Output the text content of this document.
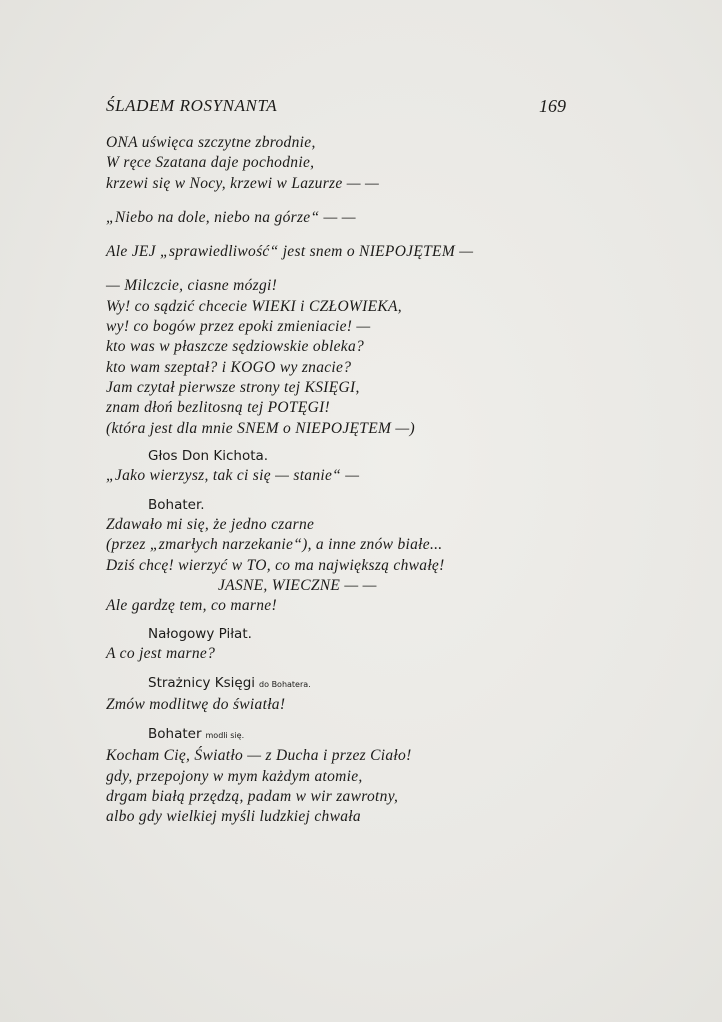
ŚLADEM ROSYNANTA	169
ONA uświęca szczytne zbrodnie,
W ręce Szatana daje pochodnie,
krzewi się w Nocy, krzewi w Lazurze — —
„Niebo na dole, niebo na górze“ — —
Ale JEJ „sprawiedliwość“ jest snem o NIEPOJĘTEM —
— Milczcie, ciasne mózgi!
Wy! co sądzić chcecie WIEKI i CZŁOWIEKA,
wy! co bogów przez epoki zmieniacie! —
kto was w płaszcze sędziowskie obleka?
kto wam szeptał? i KOGO wy znacie?
Jam czytał pierwsze strony tej KSIĘGI,
znam dłoń bezlitosną tej POTĘGI!
(która jest dla mnie SNEM o NIEPOJĘTEM —)
Głos Don Kichota.
„Jako wierzysz, tak ci się — stanie“ —
Bohater.
Zdawało mi się, że jedno czarne
(przez „zmarłych narzekanie“), a inne znów białe...
Dziś chcę! wierzyć w TO, co ma największą chwałę!
JASNE, WIECZNE — —
Ale gardzę tem, co marne!
Nałogowy Piłat.
A co jest marne?
Strażnicy Księgi do Bohatera.
Zmów modlitwę do światła!
Bohater modli się.
Kocham Cię, Światło — z Ducha i przez Ciało!
gdy, przepojony w mym każdym atomie,
drgam białą przędzą, padam w wir zawrotny,
albo gdy wielkiej myśli ludzkiej chwała
